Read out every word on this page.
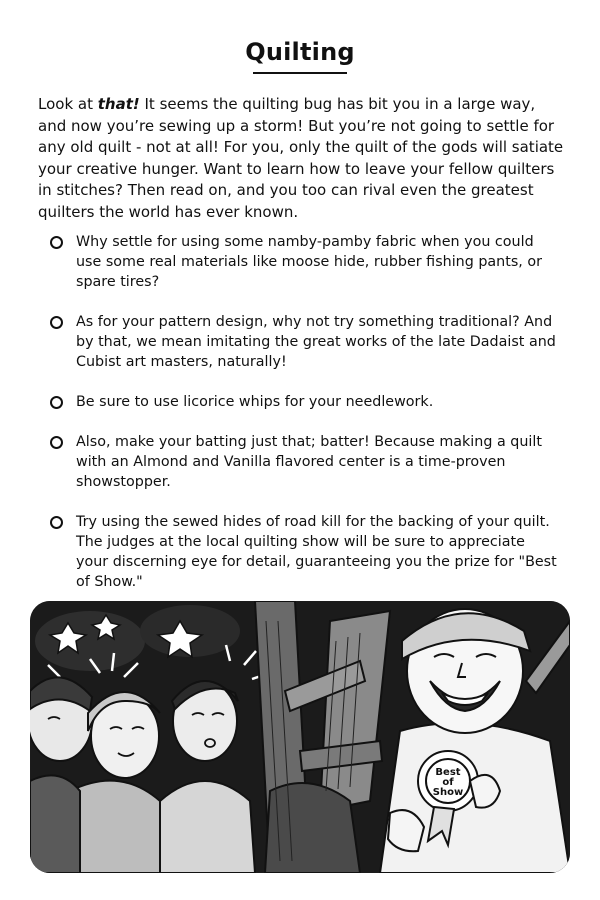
Quilting

Look at that! It seems the quilting bug has bit you in a large way, and now you’re sewing up a storm! But you’re not going to settle for any old quilt - not at all! For you, only the quilt of the gods will satiate your creative hunger. Want to learn how to leave your fellow quilters in stitches? Then read on, and you too can rival even the greatest quilters the world has ever known.

Why settle for using some namby-pamby fabric when you could use some real materials like moose hide, rubber fishing pants, or spare tires?
As for your pattern design, why not try something traditional? And by that, we mean imitating the great works of the late Dadaist and Cubist art masters, naturally!
Be sure to use licorice whips for your needlework.
Also, make your batting just that; batter! Because making a quilt with an Almond and Vanilla flavored center is a time-proven showstopper.
Try using the sewed hides of road kill for the backing of your quilt. The judges at the local quilting show will be sure to appreciate your discerning eye for detail, guaranteeing you the prize for "Best of Show."
Best
of
Show
